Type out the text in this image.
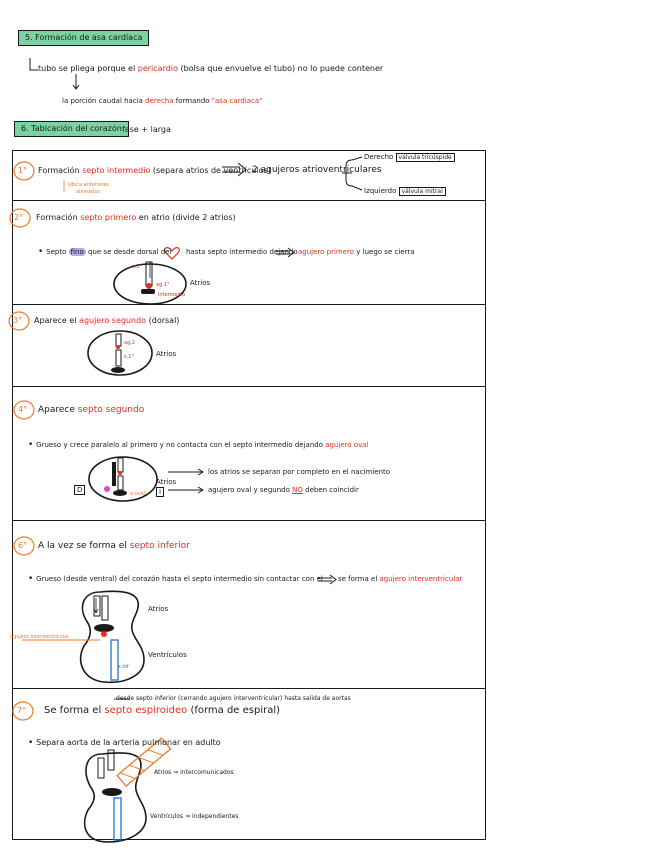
5. Formación de asa cardíaca
tubo se pliega porque el pericardio (bolsa que envuelve el tubo) no lo puede contener
la porción caudal hacia derecha formando "asa cardiaca"
6. Tabicación del corazón fase + larga
1° Formación septo intermedio (separa atrios de ventrículos)
2 agujeros atrioventriculares
Ubica anteriores
alineados
Derecho válvula tricúspide
Izquierdo válvula mitral
2° Formación septo primero en atrio (divide 2 atrios)
• Septo fino que se desde dorsal del hasta septo intermedio dejando agujero primero y luego se cierra
Atrios
s.1°
ag.1°
intermedio
3° Aparece el agujero segundo (dorsal)
Atrios
ag.2
s.1°
4° Aparece septo segundo
• Grueso y crece paralelo al primero y no contacta con el septo intermedio dejando agujero oval
Atrios
los atrios se separan por completo en el nacimiento
agujero oval y segundo NO deben coincidir
D	I
a.oval
6° A la vez se forma el septo inferior
• Grueso (desde ventral) del corazón hasta el septo intermedio sin contactar con el se forma el agujero interventricular
agujero interventricular
Atrios
Ventrículos
s.inf
desde septo inferior (cerrando agujero interventricular) hasta salida de aortas
7° Se forma el septo espiroideo (forma de espiral)
• Separa aorta de la arteria pulmonar en adulto
Atrios ⇒ intercomunicados
Ventrículos ⇒ independientes
